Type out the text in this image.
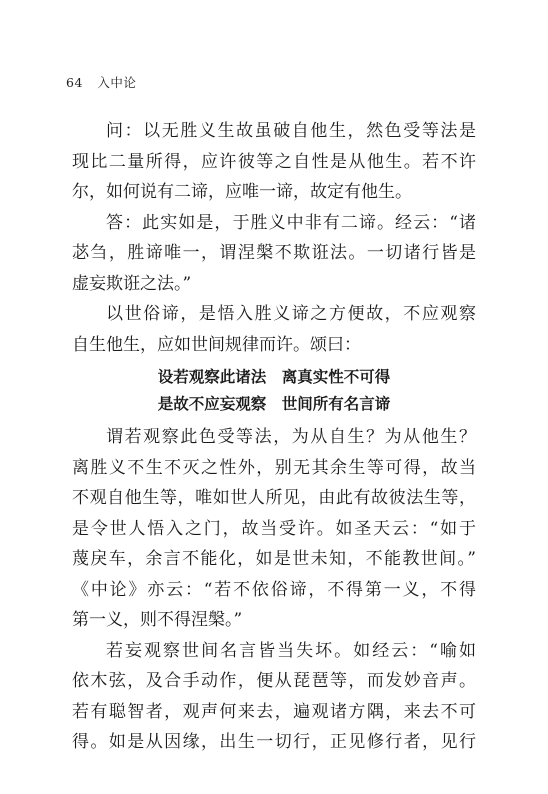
64 入中论
问：以无胜义生故虽破自他生，然色受等法是
现比二量所得，应许彼等之自性是从他生。若不许
尔，如何说有二谛，应唯一谛，故定有他生。
答：此实如是，于胜义中非有二谛。经云：“诸
苾刍，胜谛唯一，谓涅槃不欺诳法。一切诸行皆是
虚妄欺诳之法。”
以世俗谛，是悟入胜义谛之方便故，不应观察
自生他生，应如世间规律而许。颂曰：
设若观察此诸法　离真实性不可得
是故不应妄观察　世间所有名言谛
谓若观察此色受等法，为从自生？为从他生？
离胜义不生不灭之性外，别无其余生等可得，故当
不观自他生等，唯如世人所见，由此有故彼法生等，
是令世人悟入之门，故当受许。如圣天云：“如于
蔑戾车，余言不能化，如是世未知，不能教世间。”
《中论》亦云：“若不依俗谛，不得第一义，不得
第一义，则不得涅槃。”
若妄观察世间名言皆当失坏。如经云：“喻如
依木弦，及合手动作，便从琵琶等，而发妙音声。
若有聪智者，观声何来去，遍观诸方隅，来去不可
得。如是从因缘，出生一切行，正见修行者，见行
